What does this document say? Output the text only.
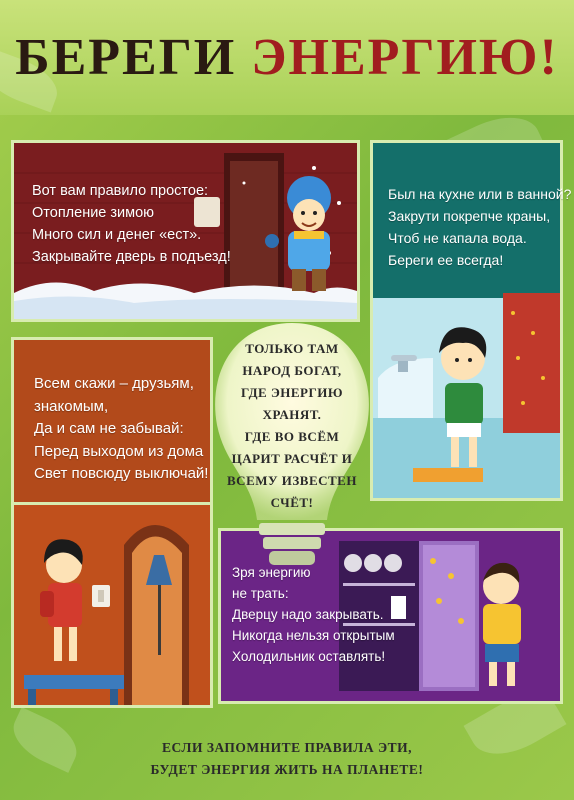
БЕРЕГИ ЭНЕРГИЮ!
Был на кухне или в ванной?
Закрути покрепче краны,
Чтоб не капала вода.
Береги ее всегда!
Вот вам правило простое:
Отопление зимою
Много сил и денег «ест».
Закрывайте дверь в подъезд!
Всем скажи – друзьям,
знакомым,
Да и сам не забывай:
Перед выходом из дома
Свет повсюду выключай!
Зря энергию
не трать:
Дверцу надо закрывать.
Никогда нельзя открытым
Холодильник оставлять!
ТОЛЬКО ТАМ
НАРОД БОГАТ,
ГДЕ ЭНЕРГИЮ
ХРАНЯТ.
ГДЕ ВО ВСЁМ
ЦАРИТ РАСЧЁТ И
ВСЕМУ ИЗВЕСТЕН
СЧЁТ!
ЕСЛИ ЗАПОМНИТЕ ПРАВИЛА ЭТИ,
БУДЕТ ЭНЕРГИЯ ЖИТЬ НА ПЛАНЕТЕ!
